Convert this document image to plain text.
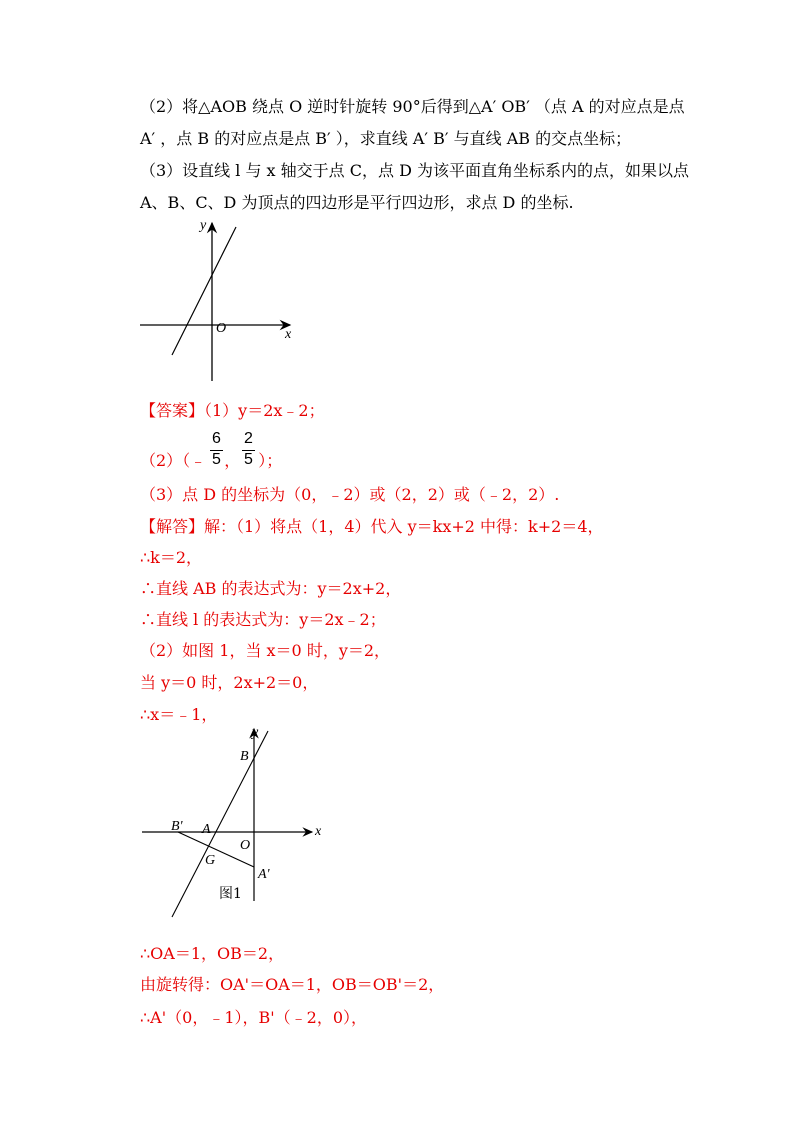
（2）将△AOB 绕点 O 逆时针旋转 90°后得到△A′ OB′ （点 A 的对应点是点
A′ ，点 B 的对应点是点 B′ ），求直线 A′ B′ 与直线 AB 的交点坐标；
（3）设直线 l 与 x 轴交于点 C，点 D 为该平面直角坐标系内的点，如果以点
A、B、C、D 为顶点的四边形是平行四边形，求点 D 的坐标.
y
x
O
【答案】（1）y＝2x﹣2；
（2）（﹣ ， ）；
6
5
2
5
（3）点 D 的坐标为（0，﹣2）或（2，2）或（﹣2，2）.
【解答】解：（1）将点（1，4）代入 y＝kx+2 中得：k+2＝4，
∴k＝2，
∴直线 AB 的表达式为：y＝2x+2，
∴直线 l 的表达式为：y＝2x﹣2；
（2）如图 1，当 x＝0 时，y＝2，
当 y＝0 时，2x+2＝0，
∴x＝﹣1，
y
x
B
B' A
O
G
A'
图1
∴OA＝1，OB＝2，
由旋转得：OA'＝OA＝1，OB＝OB'＝2，
∴A'（0，﹣1），B'（﹣2，0），
